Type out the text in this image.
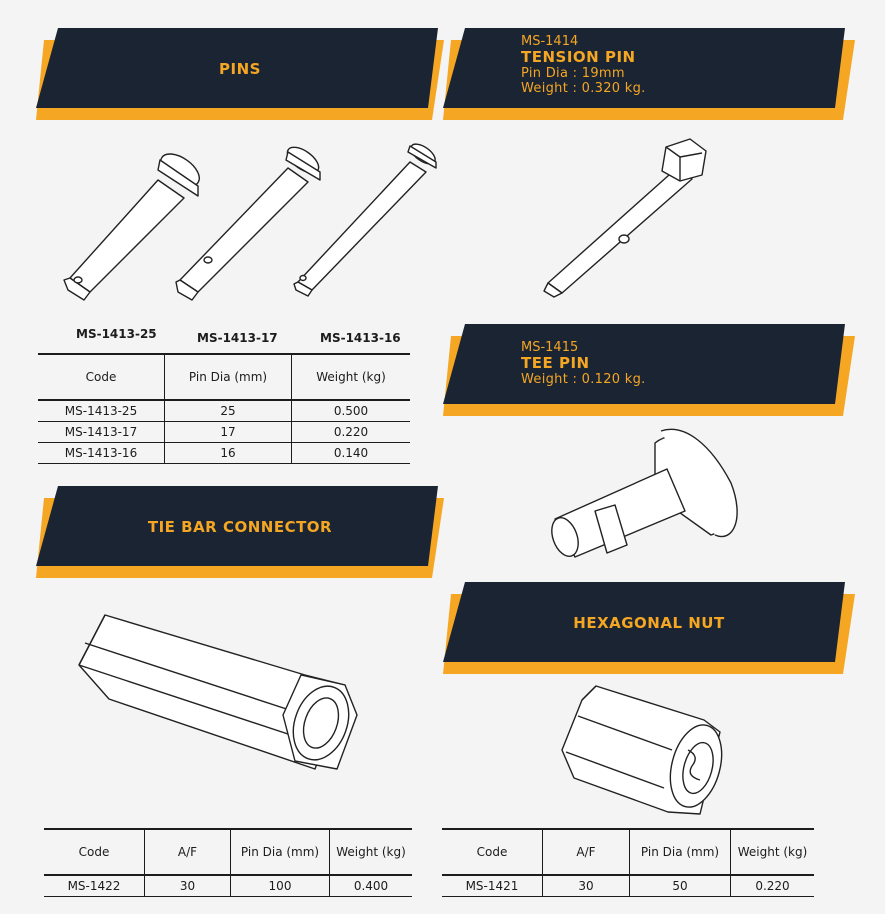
PINS
MS-1414
TENSION PIN
Pin Dia : 19mm
Weight : 0.320 kg.
MS-1413-25	MS-1413-17	MS-1413-16
Code	Pin Dia (mm)	Weight (kg)
MS-1413-25	25	0.500
MS-1413-17	17	0.220
MS-1413-16	16	0.140
MS-1415
TEE PIN
Weight : 0.120 kg.
TIE BAR CONNECTOR
HEXAGONAL NUT
Code	A/F	Pin Dia (mm)	Weight (kg)
MS-1422	30	100	0.400
Code	A/F	Pin Dia (mm)	Weight (kg)
MS-1421	30	50	0.220
